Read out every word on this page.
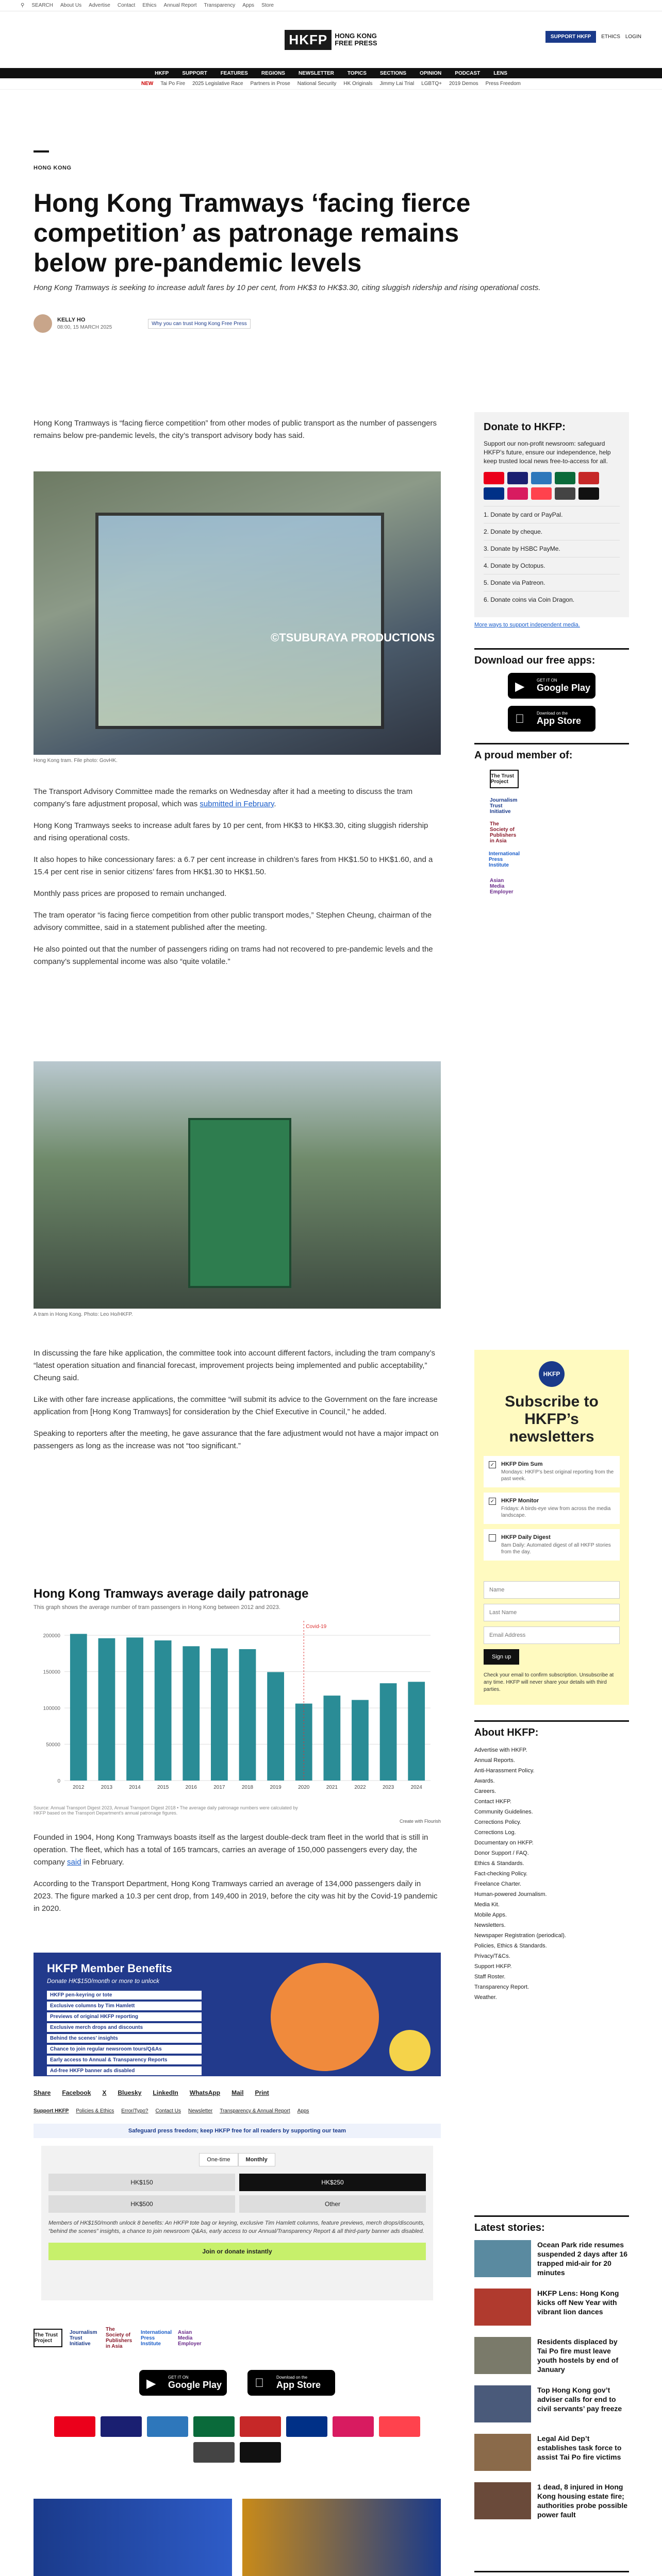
⚲ SEARCH About Us Advertise Contact Ethics Annual Report Transparency Apps Store
HKFP	HONG KONG
FREE PRESS
SUPPORT HKFP	ETHICS LOGIN
HKFP	SUPPORT	FEATURES	REGIONS	NEWSLETTER	TOPICS	SECTIONS	OPINION	PODCAST	LENS
NEW Tai Po Fire 2025 Legislative Race Partners in Prose National Security HK Originals Jimmy Lai Trial LGBTQ+ 2019 Demos Press Freedom
HONG KONG
Hong Kong Tramways ‘facing fierce competition’ as patronage remains below pre-pandemic levels
Hong Kong Tramways is seeking to increase adult fares by 10 per cent, from HK$3 to HK$3.30, citing sluggish ridership and rising operational costs.
KELLY HO
08:00, 15 MARCH 2025
Why you can trust Hong Kong Free Press

Hong Kong Tramways is “facing fierce competition” from other modes of public transport as the number of passengers remains below pre-pandemic levels, the city’s transport advisory body has said.

©TSUBURAYA PRODUCTIONS
Hong Kong tram. File photo: GovHK.

The Transport Advisory Committee made the remarks on Wednesday after it had a meeting to discuss the tram company’s fare adjustment proposal, which was submitted in February.

Hong Kong Tramways seeks to increase adult fares by 10 per cent, from HK$3 to HK$3.30, citing sluggish ridership and rising operational costs.

It also hopes to hike concessionary fares: a 6.7 per cent increase in children’s fares from HK$1.50 to HK$1.60, and a 15.4 per cent rise in senior citizens’ fares from HK$1.30 to HK$1.50.

Monthly pass prices are proposed to remain unchanged.

The tram operator “is facing fierce competition from other public transport modes,” Stephen Cheung, chairman of the advisory committee, said in a statement published after the meeting.

He also pointed out that the number of passengers riding on trams had not recovered to pre-pandemic levels and the company’s supplemental income was also “quite volatile.”

A tram in Hong Kong. Photo: Leo Ho/HKFP.

In discussing the fare hike application, the committee took into account different factors, including the tram company’s “latest operation situation and financial forecast, improvement projects being implemented and public acceptability,” Cheung said.

Like with other fare increase applications, the committee “will submit its advice to the Government on the fare increase application from [Hong Kong Tramways] for consideration by the Chief Executive in Council,” he added.

Speaking to reporters after the meeting, he gave assurance that the fare adjustment would not have a major impact on passengers as long as the increase was not “too significant.”

Hong Kong Tramways average daily patronage
This graph shows the average number of tram passengers in Hong Kong between 2012 and 2023.
0
50000
100000
150000
200000
2012	2013	2014	2015	2016	2017	2018	2019	2020	2021	2022	2023	2024
Covid-19
Source: Annual Transport Digest 2023, Annual Transport Digest 2018 • The average daily patronage numbers were calculated by HKFP based on the Transport Department's annual patronage figures.
Create with Flourish

Founded in 1904, Hong Kong Tramways boasts itself as the largest double-deck tram fleet in the world that is still in operation. The fleet, which has a total of 165 tramcars, carries an average of 150,000 passengers every day, the company said in February.

According to the Transport Department, Hong Kong Tramways carried an average of 134,000 passengers daily in 2023. The figure marked a 10.3 per cent drop, from 149,400 in 2019, before the city was hit by the Covid-19 pandemic in 2020.

HKFP Member Benefits
Donate HK$150/month or more to unlock
HKFP pen-keyring or tote
Exclusive columns by Tim Hamlett
Previews of original HKFP reporting
Exclusive merch drops and discounts
Behind the scenes’ insights
Chance to join regular newsroom tours/Q&As
Early access to Annual & Transparency Reports
Ad-free HKFP banner ads disabled
Share Facebook X Bluesky LinkedIn WhatsApp Mail Print
Support HKFP Policies & Ethics Error/Typo? Contact Us Newsletter Transparency & Annual Report Apps
Safeguard press freedom; keep HKFP free for all readers by supporting our team
One-time	Monthly
HK$150	HK$250
HK$500	Other
Members of HK$150/month unlock 8 benefits: An HKFP tote bag or keyring, exclusive Tim Hamlett columns, feature previews, merch drops/discounts, “behind the scenes” insights, a chance to join newsroom Q&As, early access to our Annual/Transparency Report & all third-party banner ads disabled.
Join or donate instantly
The Trust Project
Journalism Trust Initiative
The Society of Publishers in Asia
International Press Institute
Asian Media Employer
▶	GET IT ON
Google Play
Download on the
App Store
Donate to HKFP:

Support our non-profit newsroom: safeguard HKFP’s future, ensure our independence, help keep trusted local news free-to-access for all.

1. Donate by card or PayPal.
2. Donate by cheque.
3. Donate by HSBC PayMe.
4. Donate by Octopus.
5. Donate via Patreon.
6. Donate coins via Coin Dragon.
More ways to support independent media.
Download our free apps:
▶	GET IT ON
Google Play
Download on the
App Store
A proud member of:
The Trust Project
Journalism Trust Initiative
The Society of Publishers in Asia
International Press Institute
Asian Media Employer
HKFP
Subscribe to HKFP’s newsletters
✓ HKFP Dim Sum
Mondays: HKFP’s best original reporting from the past week.
✓ HKFP Monitor
Fridays: A birds-eye view from across the media landscape.
HKFP Daily Digest
8am Daily: Automated digest of all HKFP stories from the day.
Name
Last Name
Email Address
Sign up
Check your email to confirm subscription. Unsubscribe at any time. HKFP will never share your details with third parties.
About HKFP:
Advertise with HKFP.
Annual Reports.
Anti-Harassment Policy.
Awards.
Careers.
Contact HKFP.
Community Guidelines.
Corrections Policy.
Corrections Log.
Documentary on HKFP.
Donor Support / FAQ.
Ethics & Standards.
Fact-checking Policy.
Freelance Charter.
Human-powered Journalism.
Media Kit.
Mobile Apps.
Newsletters.
Newspaper Registration (periodical).
Policies, Ethics & Standards.
Privacy/T&Cs.
Support HKFP.
Staff Roster.
Transparency Report.
Weather.
Latest stories:
Ocean Park ride resumes suspended 2 days after 16 trapped mid-air for 20 minutes
HKFP Lens: Hong Kong kicks off New Year with vibrant lion dances
Residents displaced by Tai Po fire must leave youth hostels by end of January
Top Hong Kong gov’t adviser calls for end to civil servants’ pay freeze
Legal Aid Dep’t establishes task force to assist Tai Po fire victims
1 dead, 8 injured in Hong Kong housing estate fire; authorities probe possible power fault
